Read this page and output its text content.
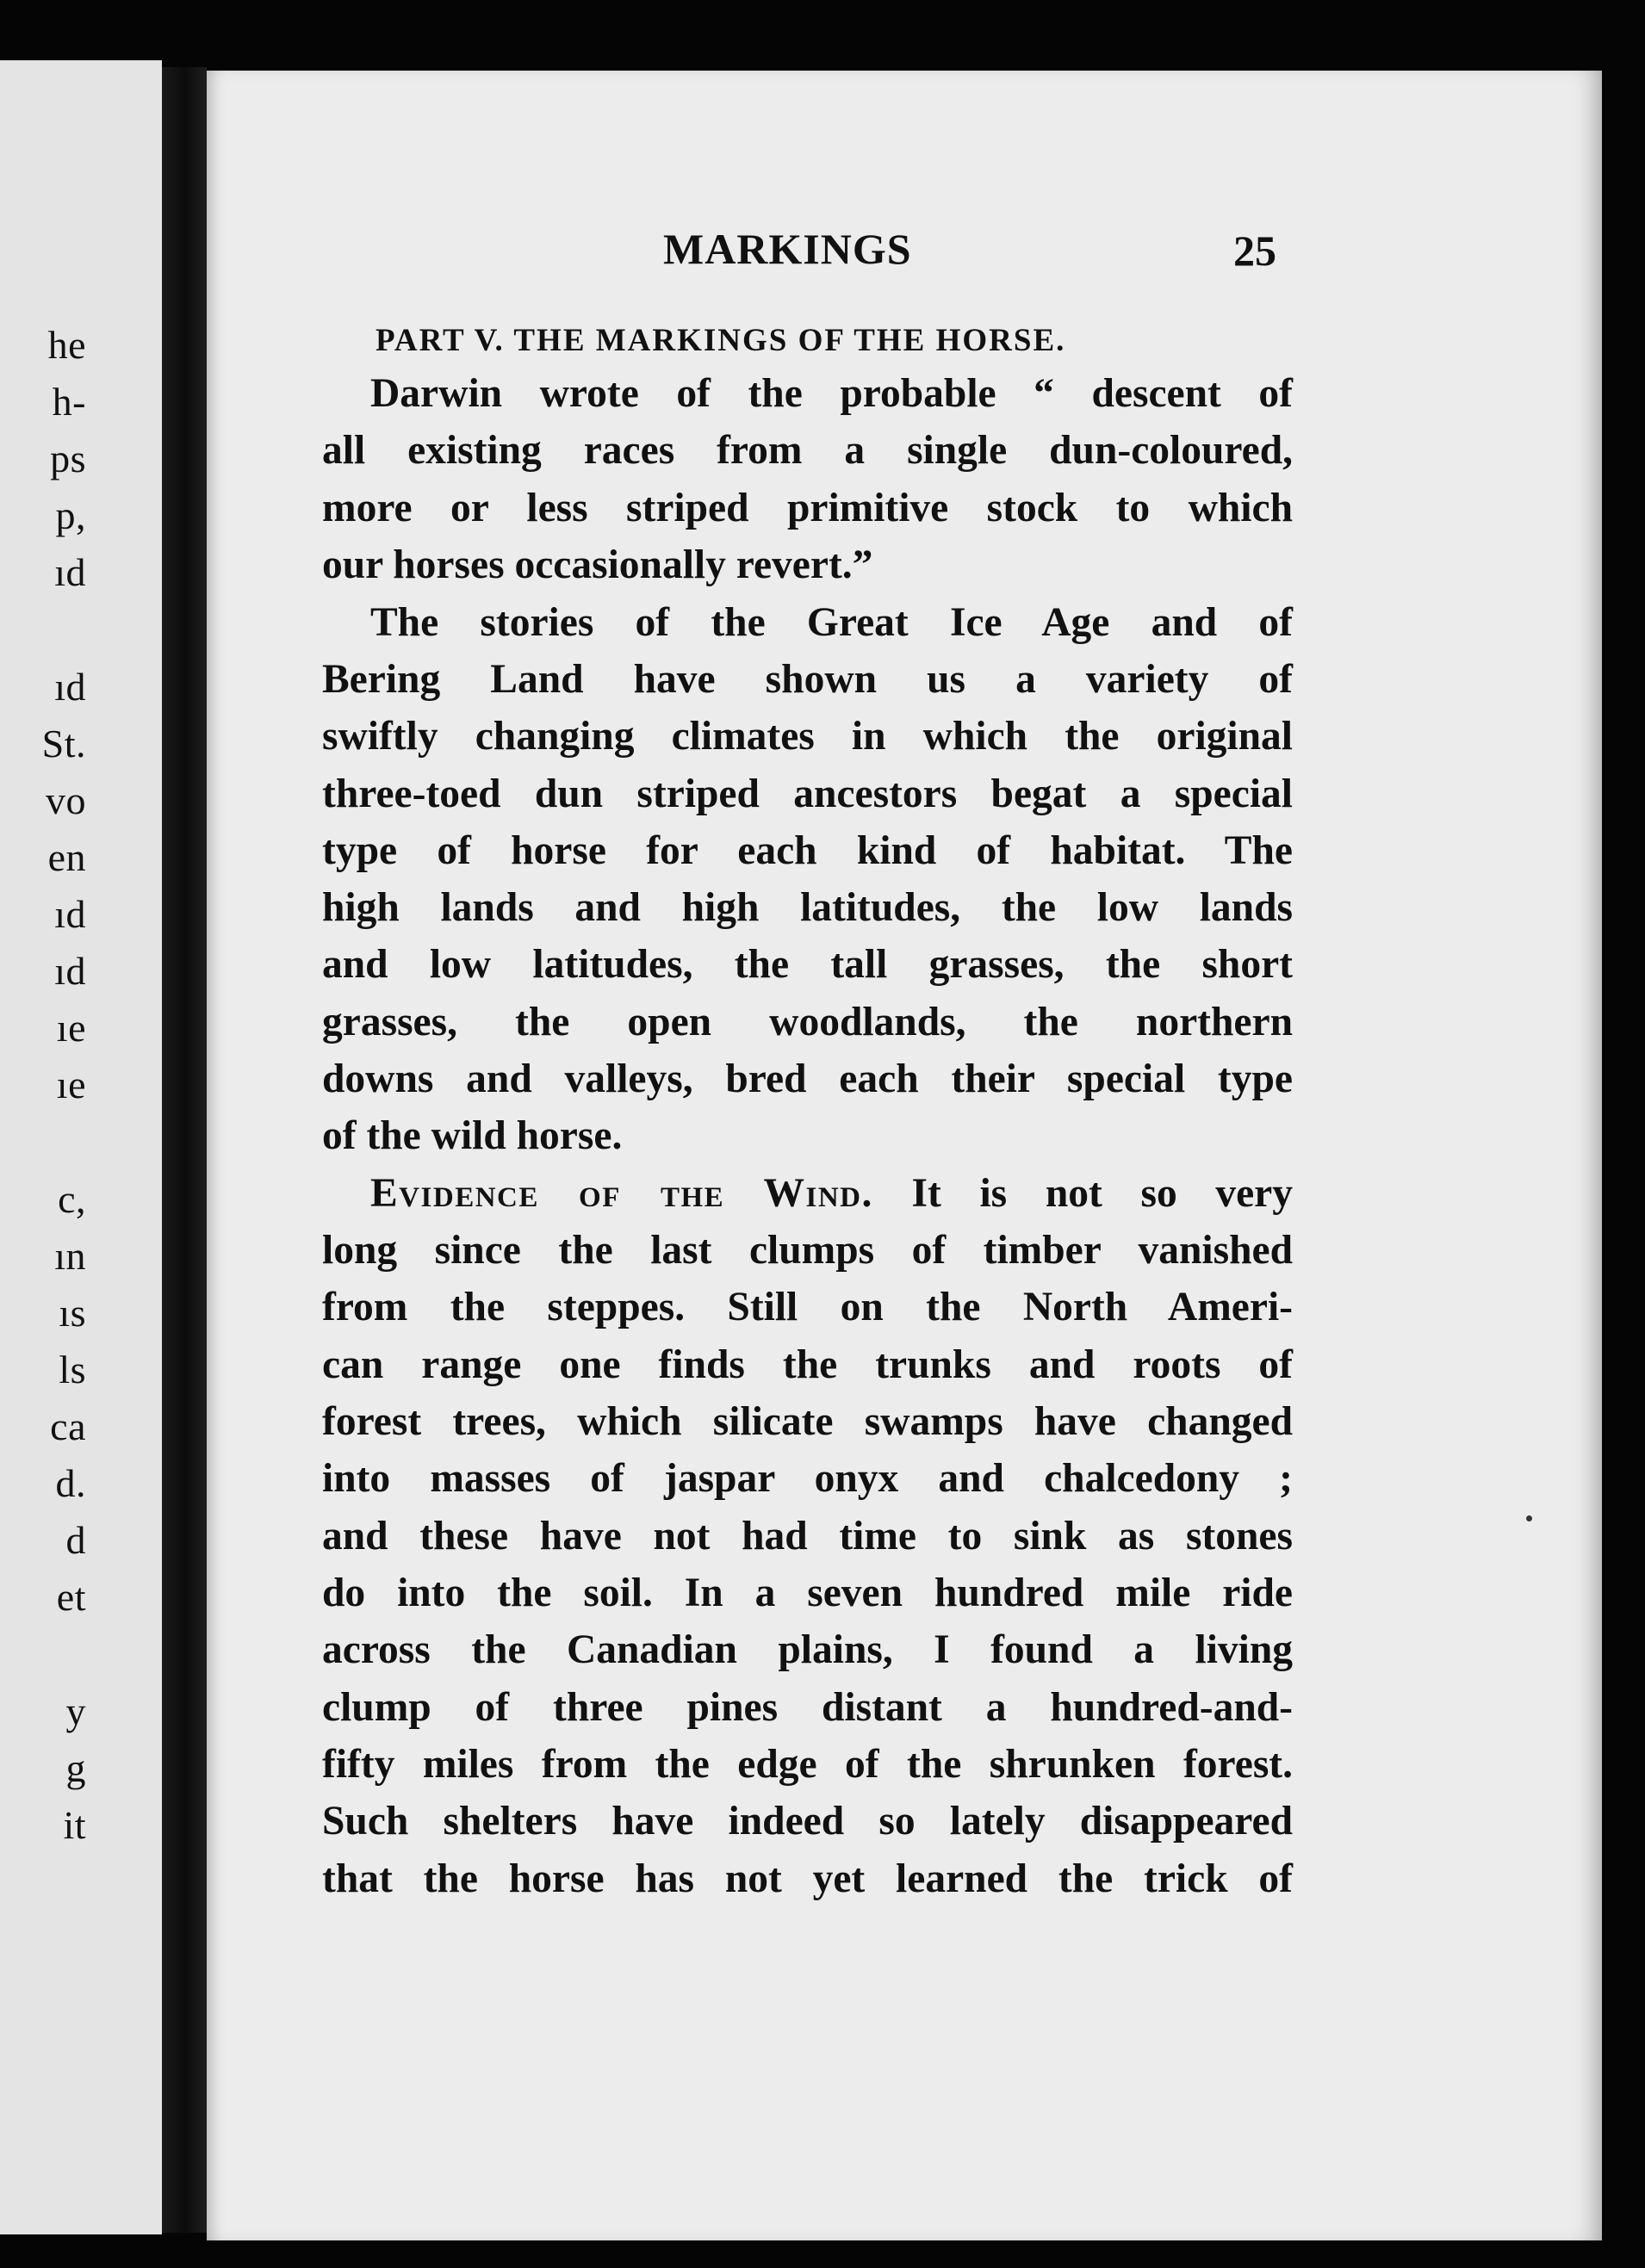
he
h-
ps
p,
ıd
ıd
St.
vo
en
ıd
ıd
ıe
ıe
c,
ın
ıs
ls
ca
d.
d
et
y
g
it
MARKINGS	25
PART V. THE MARKINGS OF THE HORSE.
Darwin wrote of the probable “ descent of
all existing races from a single dun-coloured,
more or less striped primitive stock to which
our horses occasionally revert.”
The stories of the Great Ice Age and of
Bering Land have shown us a variety of
swiftly changing climates in which the original
three-toed dun striped ancestors begat a special
type of horse for each kind of habitat. The
high lands and high latitudes, the low lands
and low latitudes, the tall grasses, the short
grasses, the open woodlands, the northern
downs and valleys, bred each their special type
of the wild horse.
Evidence of the Wind. It is not so very
long since the last clumps of timber vanished
from the steppes. Still on the North Ameri-
can range one finds the trunks and roots of
forest trees, which silicate swamps have changed
into masses of jaspar onyx and chalcedony ;
and these have not had time to sink as stones
do into the soil. In a seven hundred mile ride
across the Canadian plains, I found a living
clump of three pines distant a hundred-and-
fifty miles from the edge of the shrunken forest.
Such shelters have indeed so lately disappeared
that the horse has not yet learned the trick of
